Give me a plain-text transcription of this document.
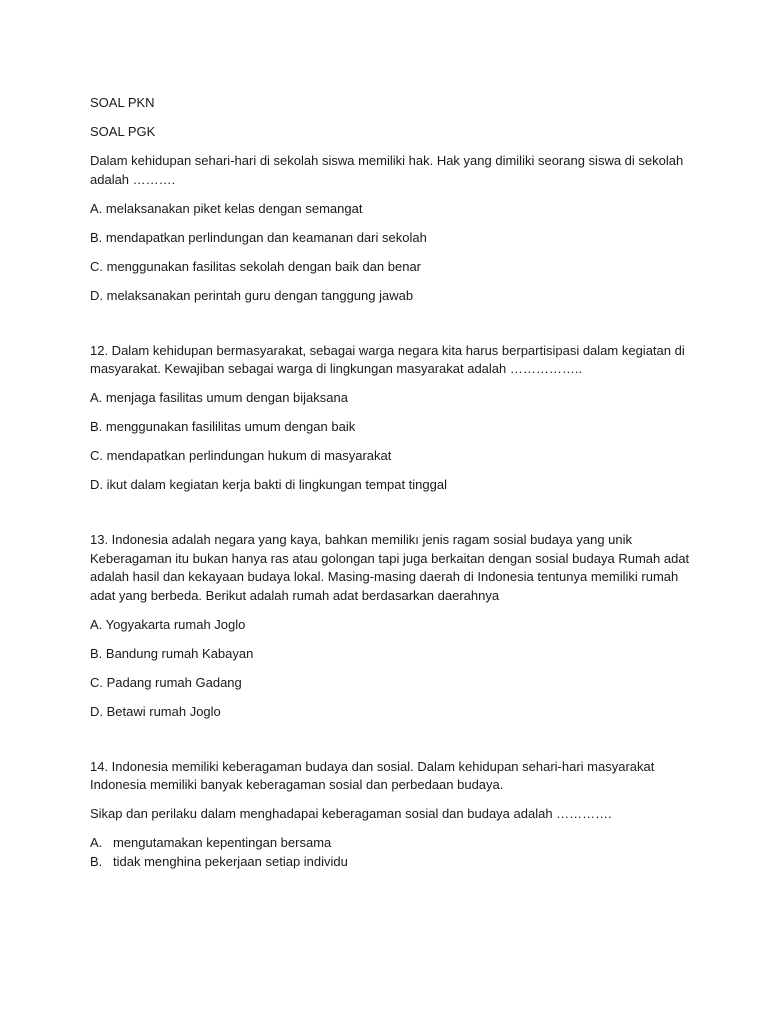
SOAL PKN

SOAL PGK

Dalam kehidupan sehari-hari di sekolah siswa memiliki hak. Hak yang dimiliki seorang siswa di sekolah adalah ……….

A. melaksanakan piket kelas dengan semangat

B. mendapatkan perlindungan dan keamanan dari sekolah

C. menggunakan fasilitas sekolah dengan baik dan benar

D. melaksanakan perintah guru dengan tanggung jawab

12. Dalam kehidupan bermasyarakat, sebagai warga negara kita harus berpartisipasi dalam kegiatan di masyarakat. Kewajiban sebagai warga di lingkungan masyarakat adalah ……………..

A. menjaga fasilitas umum dengan bijaksana

B. menggunakan fasililitas umum dengan baik

C. mendapatkan perlindungan hukum di masyarakat

D. ikut dalam kegiatan kerja bakti di lingkungan tempat tinggal

13. Indonesia adalah negara yang kaya, bahkan memilikı jenis ragam sosial budaya yang unik Keberagaman itu bukan hanya ras atau golongan tapi juga berkaitan dengan sosial budaya Rumah adat adalah hasil dan kekayaan budaya lokal. Masing-masing daerah di Indonesia tentunya memiliki rumah adat yang berbeda. Berikut adalah rumah adat berdasarkan daerahnya

A. Yogyakarta rumah Joglo

B. Bandung rumah Kabayan

C. Padang rumah Gadang

D. Betawi rumah Joglo

14. Indonesia memiliki keberagaman budaya dan sosial. Dalam kehidupan sehari-hari masyarakat Indonesia memiliki banyak keberagaman sosial dan perbedaan budaya.

Sikap dan perilaku dalam menghadapai keberagaman sosial dan budaya adalah ………….

A. mengutamakan kepentingan bersama
B. tidak menghina pekerjaan setiap individu
